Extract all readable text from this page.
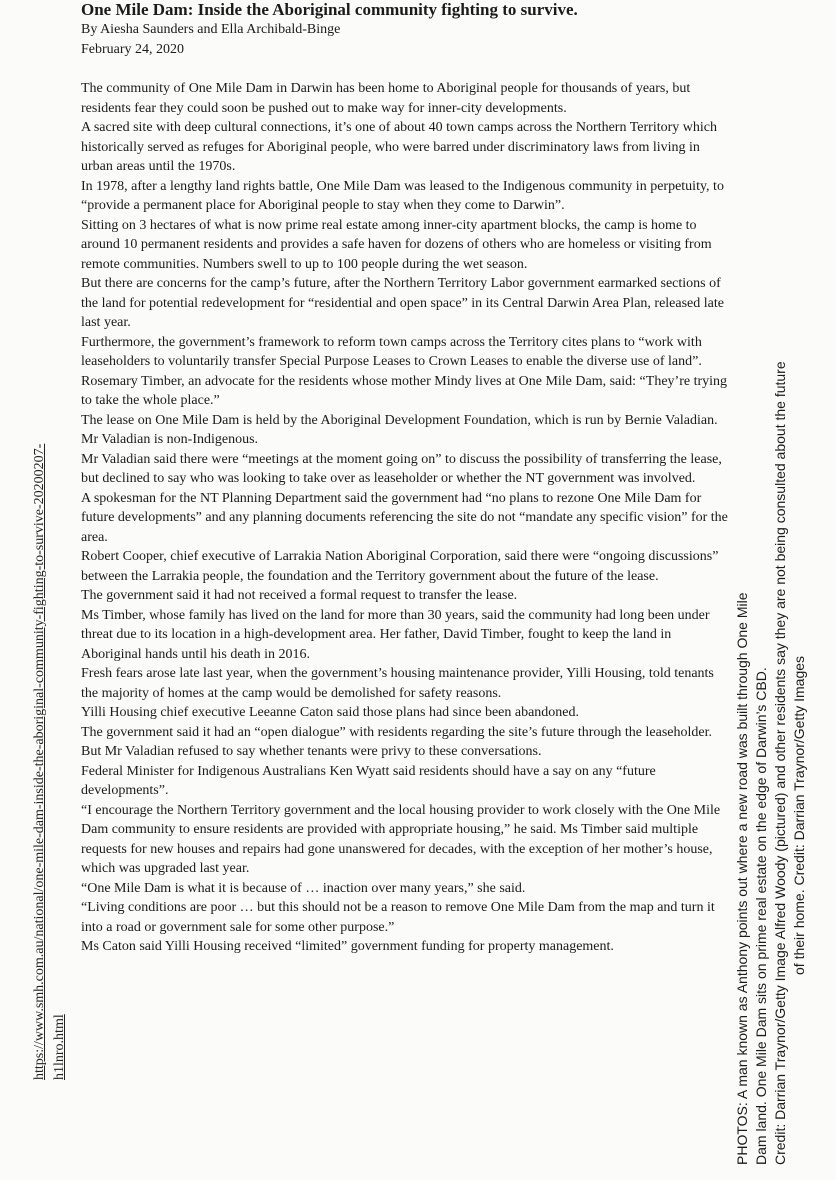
One Mile Dam: Inside the Aboriginal community fighting to survive.
By Aiesha Saunders and Ella Archibald-Binge
February 24, 2020

The community of One Mile Dam in Darwin has been home to Aboriginal people for thousands of years, but residents fear they could soon be pushed out to make way for inner-city developments.

A sacred site with deep cultural connections, it’s one of about 40 town camps across the Northern Territory which historically served as refuges for Aboriginal people, who were barred under discriminatory laws from living in urban areas until the 1970s.

In 1978, after a lengthy land rights battle, One Mile Dam was leased to the Indigenous community in perpetuity, to “provide a permanent place for Aboriginal people to stay when they come to Darwin”.

Sitting on 3 hectares of what is now prime real estate among inner-city apartment blocks, the camp is home to around 10 permanent residents and provides a safe haven for dozens of others who are homeless or visiting from remote communities. Numbers swell to up to 100 people during the wet season.

But there are concerns for the camp’s future, after the Northern Territory Labor government earmarked sections of the land for potential redevelopment for “residential and open space” in its Central Darwin Area Plan, released late last year.

Furthermore, the government’s framework to reform town camps across the Territory cites plans to “work with leaseholders to voluntarily transfer Special Purpose Leases to Crown Leases to enable the diverse use of land”.

Rosemary Timber, an advocate for the residents whose mother Mindy lives at One Mile Dam, said: “They’re trying to take the whole place.”

The lease on One Mile Dam is held by the Aboriginal Development Foundation, which is run by Bernie Valadian. Mr Valadian is non-Indigenous.

Mr Valadian said there were “meetings at the moment going on” to discuss the possibility of transferring the lease, but declined to say who was looking to take over as leaseholder or whether the NT government was involved.

A spokesman for the NT Planning Department said the government had “no plans to rezone One Mile Dam for future developments” and any planning documents referencing the site do not “mandate any specific vision” for the area.

Robert Cooper, chief executive of Larrakia Nation Aboriginal Corporation, said there were “ongoing discussions” between the Larrakia people, the foundation and the Territory government about the future of the lease.

The government said it had not received a formal request to transfer the lease.

Ms Timber, whose family has lived on the land for more than 30 years, said the community had long been under threat due to its location in a high-development area. Her father, David Timber, fought to keep the land in Aboriginal hands until his death in 2016.

Fresh fears arose late last year, when the government’s housing maintenance provider, Yilli Housing, told tenants the majority of homes at the camp would be demolished for safety reasons.

Yilli Housing chief executive Leeanne Caton said those plans had since been abandoned.

The government said it had an “open dialogue” with residents regarding the site’s future through the leaseholder. But Mr Valadian refused to say whether tenants were privy to these conversations.

Federal Minister for Indigenous Australians Ken Wyatt said residents should have a say on any “future developments”.

“I encourage the Northern Territory government and the local housing provider to work closely with the One Mile Dam community to ensure residents are provided with appropriate housing,” he said. Ms Timber said multiple requests for new houses and repairs had gone unanswered for decades, with the exception of her mother’s house, which was upgraded last year.

“One Mile Dam is what it is because of … inaction over many years,” she said.

“Living conditions are poor … but this should not be a reason to remove One Mile Dam from the map and turn it into a road or government sale for some other purpose.”

Ms Caton said Yilli Housing received “limited” government funding for property management.

https://www.smh.com.au/national/one-mile-dam-inside-the-aboriginal-community-fighting-to-survive-20200207-h1lnro.html	PHOTOS: A man known as Anthony points out where a new road was built through One Mile Dam land. One Mile Dam sits on prime real estate on the edge of Darwin’s CBD. Credit: Darrian Traynor/Getty Image Alfred Woody (pictured) and other residents say they are not being consulted about the future of their home. Credit: Darrian Traynor/Getty Images
